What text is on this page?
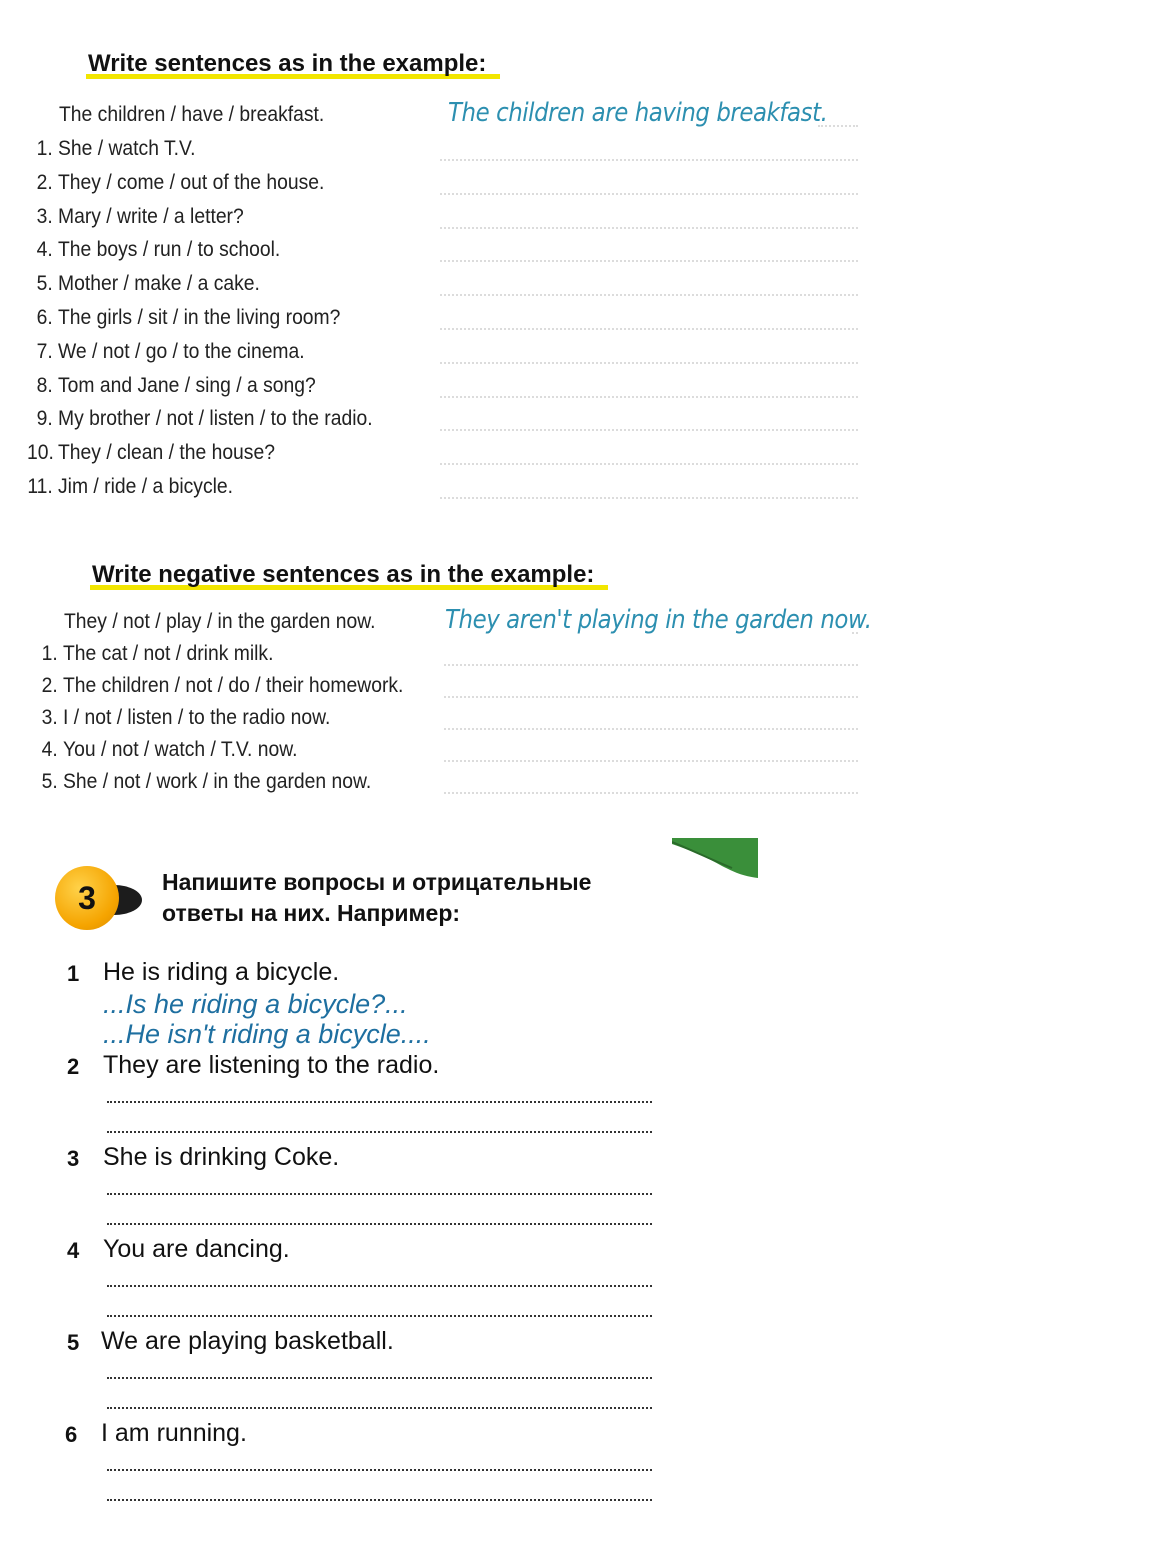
Write sentences as in the example:
The children / have / breakfast.	The children are having breakfast.
1. She / watch T.V.
2. They / come / out of the house.
3. Mary / write / a letter?
4. The boys / run / to school.
5. Mother / make / a cake.
6. The girls / sit / in the living room?
7. We / not / go / to the cinema.
8. Tom and Jane / sing / a song?
9. My brother / not / listen / to the radio.
10. They / clean / the house?
11. Jim / ride / a bicycle.
Write negative sentences as in the example:
They / not / play / in the garden now.	They aren't playing in the garden now.
1. The cat / not / drink milk.
2. The children / not / do / their homework.
3. I / not / listen / to the radio now.
4. You / not / watch / T.V. now.
5. She / not / work / in the garden now.
3	Напишите вопросы и отрицательные
ответы на них. Например:
1 He is riding a bicycle.
...Is he riding a bicycle?...
...He isn't riding a bicycle....
2 They are listening to the radio.
3 She is drinking Coke.
4 You are dancing.
5 We are playing basketball.
6 I am running.
